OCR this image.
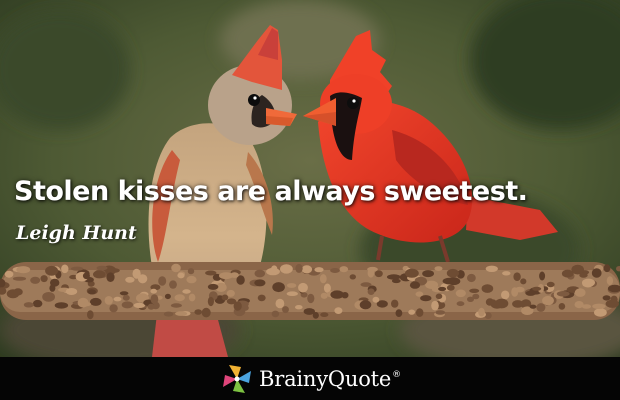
Stolen kisses are always sweetest.
Leigh Hunt
BrainyQuote ®
